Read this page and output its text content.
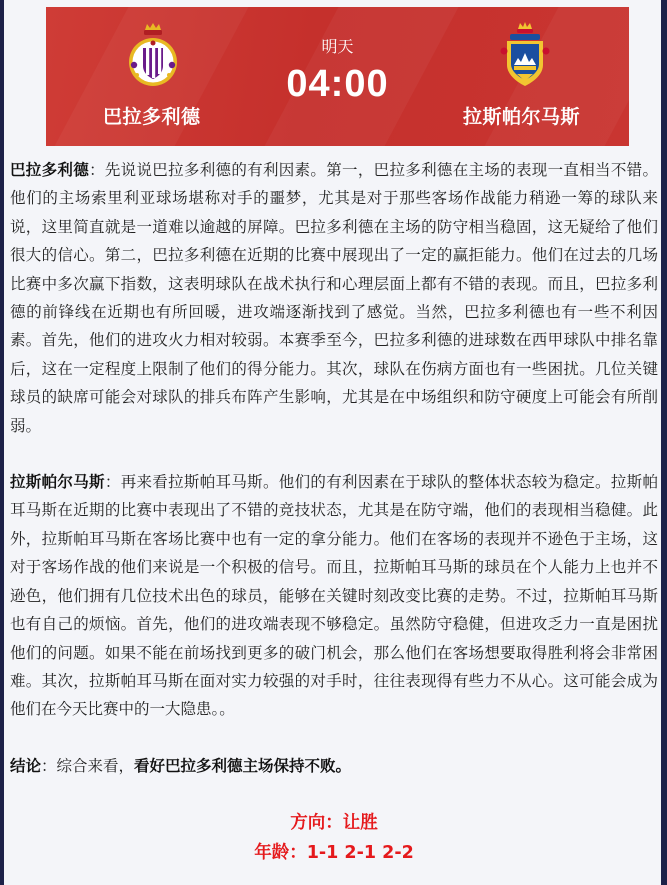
巴拉多利德
明天
04:00
拉斯帕尔马斯

巴拉多利德：先说说巴拉多利德的有利因素。第一，巴拉多利德在主场的表现一直相当不错。他们的主场索里利亚球场堪称对手的噩梦，尤其是对于那些客场作战能力稍逊一筹的球队来说，这里简直就是一道难以逾越的屏障。巴拉多利德在主场的防守相当稳固，这无疑给了他们很大的信心。第二，巴拉多利德在近期的比赛中展现出了一定的赢拒能力。他们在过去的几场比赛中多次赢下指数，这表明球队在战术执行和心理层面上都有不错的表现。而且，巴拉多利德的前锋线在近期也有所回暖，进攻端逐渐找到了感觉。当然，巴拉多利德也有一些不利因素。首先，他们的进攻火力相对较弱。本赛季至今，巴拉多利德的进球数在西甲球队中排名靠后，这在一定程度上限制了他们的得分能力。其次，球队在伤病方面也有一些困扰。几位关键球员的缺席可能会对球队的排兵布阵产生影响，尤其是在中场组织和防守硬度上可能会有所削弱。

拉斯帕尔马斯：再来看拉斯帕耳马斯。他们的有利因素在于球队的整体状态较为稳定。拉斯帕耳马斯在近期的比赛中表现出了不错的竞技状态，尤其是在防守端，他们的表现相当稳健。此外，拉斯帕耳马斯在客场比赛中也有一定的拿分能力。他们在客场的表现并不逊色于主场，这对于客场作战的他们来说是一个积极的信号。而且，拉斯帕耳马斯的球员在个人能力上也并不逊色，他们拥有几位技术出色的球员，能够在关键时刻改变比赛的走势。不过，拉斯帕耳马斯也有自己的烦恼。首先，他们的进攻端表现不够稳定。虽然防守稳健，但进攻乏力一直是困扰他们的问题。如果不能在前场找到更多的破门机会，那么他们在客场想要取得胜利将会非常困难。其次，拉斯帕耳马斯在面对实力较强的对手时，往往表现得有些力不从心。这可能会成为他们在今天比赛中的一大隐患。。

结论：综合来看，看好巴拉多利德主场保持不败。

方向：让胜
年龄：1-1 2-1 2-2
